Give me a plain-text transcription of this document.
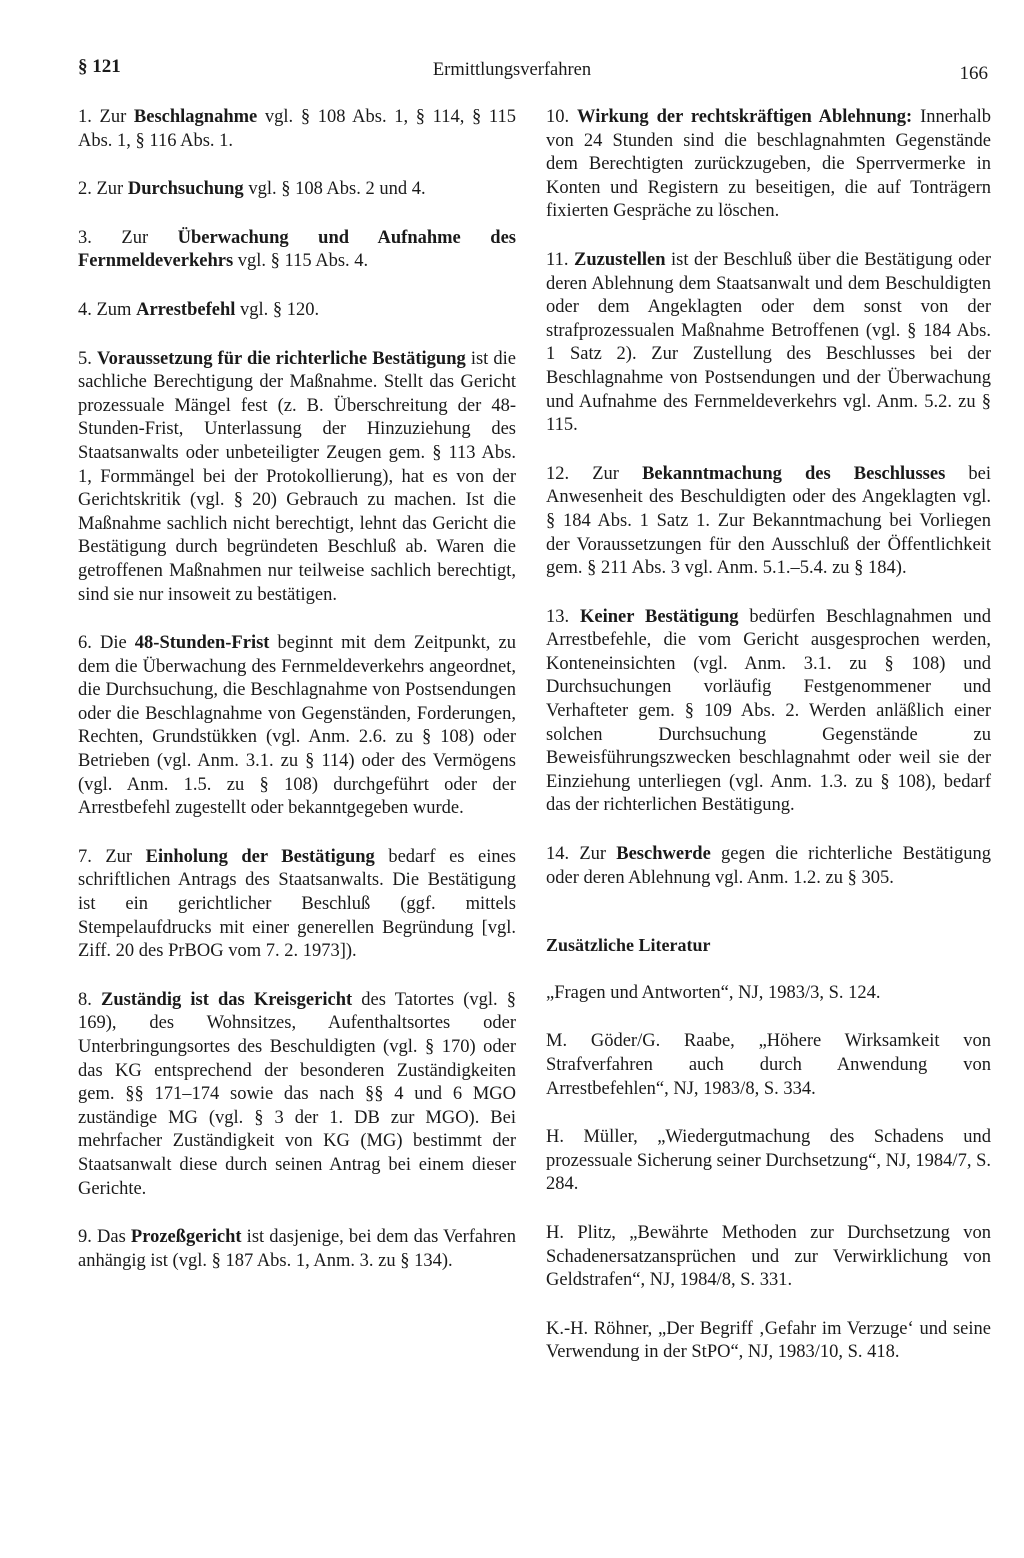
§ 121	Ermittlungsverfahren	166

1. Zur Beschlagnahme vgl. § 108 Abs. 1, § 114, § 115 Abs. 1, § 116 Abs. 1.

2. Zur Durchsuchung vgl. § 108 Abs. 2 und 4.

3. Zur Überwachung und Aufnahme des Fernmeldeverkehrs vgl. § 115 Abs. 4.

4. Zum Arrestbefehl vgl. § 120.

5. Voraussetzung für die richterliche Bestätigung ist die sachliche Berechtigung der Maßnahme. Stellt das Gericht prozessuale Mängel fest (z. B. Überschreitung der 48-Stunden-Frist, Unterlassung der Hinzuziehung des Staatsanwalts oder unbeteiligter Zeugen gem. § 113 Abs. 1, Formmängel bei der Protokollierung), hat es von der Gerichtskritik (vgl. § 20) Gebrauch zu machen. Ist die Maßnahme sachlich nicht berechtigt, lehnt das Gericht die Bestätigung durch begründeten Beschluß ab. Waren die getroffenen Maßnahmen nur teilweise sachlich berechtigt, sind sie nur insoweit zu bestätigen.

6. Die 48-Stunden-Frist beginnt mit dem Zeitpunkt, zu dem die Überwachung des Fernmeldeverkehrs angeordnet, die Durchsuchung, die Beschlagnahme von Postsendungen oder die Beschlagnahme von Gegenständen, Forderungen, Rechten, Grundstükken (vgl. Anm. 2.6. zu § 108) oder Betrieben (vgl. Anm. 3.1. zu § 114) oder des Vermögens (vgl. Anm. 1.5. zu § 108) durchgeführt oder der Arrestbefehl zugestellt oder bekanntgegeben wurde.

7. Zur Einholung der Bestätigung bedarf es eines schriftlichen Antrags des Staatsanwalts. Die Bestätigung ist ein gerichtlicher Beschluß (ggf. mittels Stempelaufdrucks mit einer generellen Begründung [vgl. Ziff. 20 des PrBOG vom 7. 2. 1973]).

8. Zuständig ist das Kreisgericht des Tatortes (vgl. § 169), des Wohnsitzes, Aufenthaltsortes oder Unterbringungsortes des Beschuldigten (vgl. § 170) oder das KG entsprechend der besonderen Zuständigkeiten gem. §§ 171–174 sowie das nach §§ 4 und 6 MGO zuständige MG (vgl. § 3 der 1. DB zur MGO). Bei mehrfacher Zuständigkeit von KG (MG) bestimmt der Staatsanwalt diese durch seinen Antrag bei einem dieser Gerichte.

9. Das Prozeßgericht ist dasjenige, bei dem das Verfahren anhängig ist (vgl. § 187 Abs. 1, Anm. 3. zu § 134).

10. Wirkung der rechtskräftigen Ablehnung: Innerhalb von 24 Stunden sind die beschlagnahmten Gegenstände dem Berechtigten zurückzugeben, die Sperrvermerke in Konten und Registern zu beseitigen, die auf Tonträgern fixierten Gespräche zu löschen.

11. Zuzustellen ist der Beschluß über die Bestätigung oder deren Ablehnung dem Staatsanwalt und dem Beschuldigten oder dem Angeklagten oder dem sonst von der strafprozessualen Maßnahme Betroffenen (vgl. § 184 Abs. 1 Satz 2). Zur Zustellung des Beschlusses bei der Beschlagnahme von Postsendungen und der Überwachung und Aufnahme des Fernmeldeverkehrs vgl. Anm. 5.2. zu § 115.

12. Zur Bekanntmachung des Beschlusses bei Anwesenheit des Beschuldigten oder des Angeklagten vgl. § 184 Abs. 1 Satz 1. Zur Bekanntmachung bei Vorliegen der Voraussetzungen für den Ausschluß der Öffentlichkeit gem. § 211 Abs. 3 vgl. Anm. 5.1.–5.4. zu § 184).

13. Keiner Bestätigung bedürfen Beschlagnahmen und Arrestbefehle, die vom Gericht ausgesprochen werden, Konteneinsichten (vgl. Anm. 3.1. zu § 108) und Durchsuchungen vorläufig Festgenommener und Verhafteter gem. § 109 Abs. 2. Werden anläßlich einer solchen Durchsuchung Gegenstände zu Beweisführungszwecken beschlagnahmt oder weil sie der Einziehung unterliegen (vgl. Anm. 1.3. zu § 108), bedarf das der richterlichen Bestätigung.

14. Zur Beschwerde gegen die richterliche Bestätigung oder deren Ablehnung vgl. Anm. 1.2. zu § 305.

Zusätzliche Literatur

„Fragen und Antworten“, NJ, 1983/3, S. 124.

M. Göder/G. Raabe, „Höhere Wirksamkeit von Strafverfahren auch durch Anwendung von Arrestbefehlen“, NJ, 1983/8, S. 334.

H. Müller, „Wiedergutmachung des Schadens und prozessuale Sicherung seiner Durchsetzung“, NJ, 1984/7, S. 284.

H. Plitz, „Bewährte Methoden zur Durchsetzung von Schadenersatzansprüchen und zur Verwirklichung von Geldstrafen“, NJ, 1984/8, S. 331.

K.-H. Röhner, „Der Begriff ‚Gefahr im Verzuge‘ und seine Verwendung in der StPO“, NJ, 1983/10, S. 418.
